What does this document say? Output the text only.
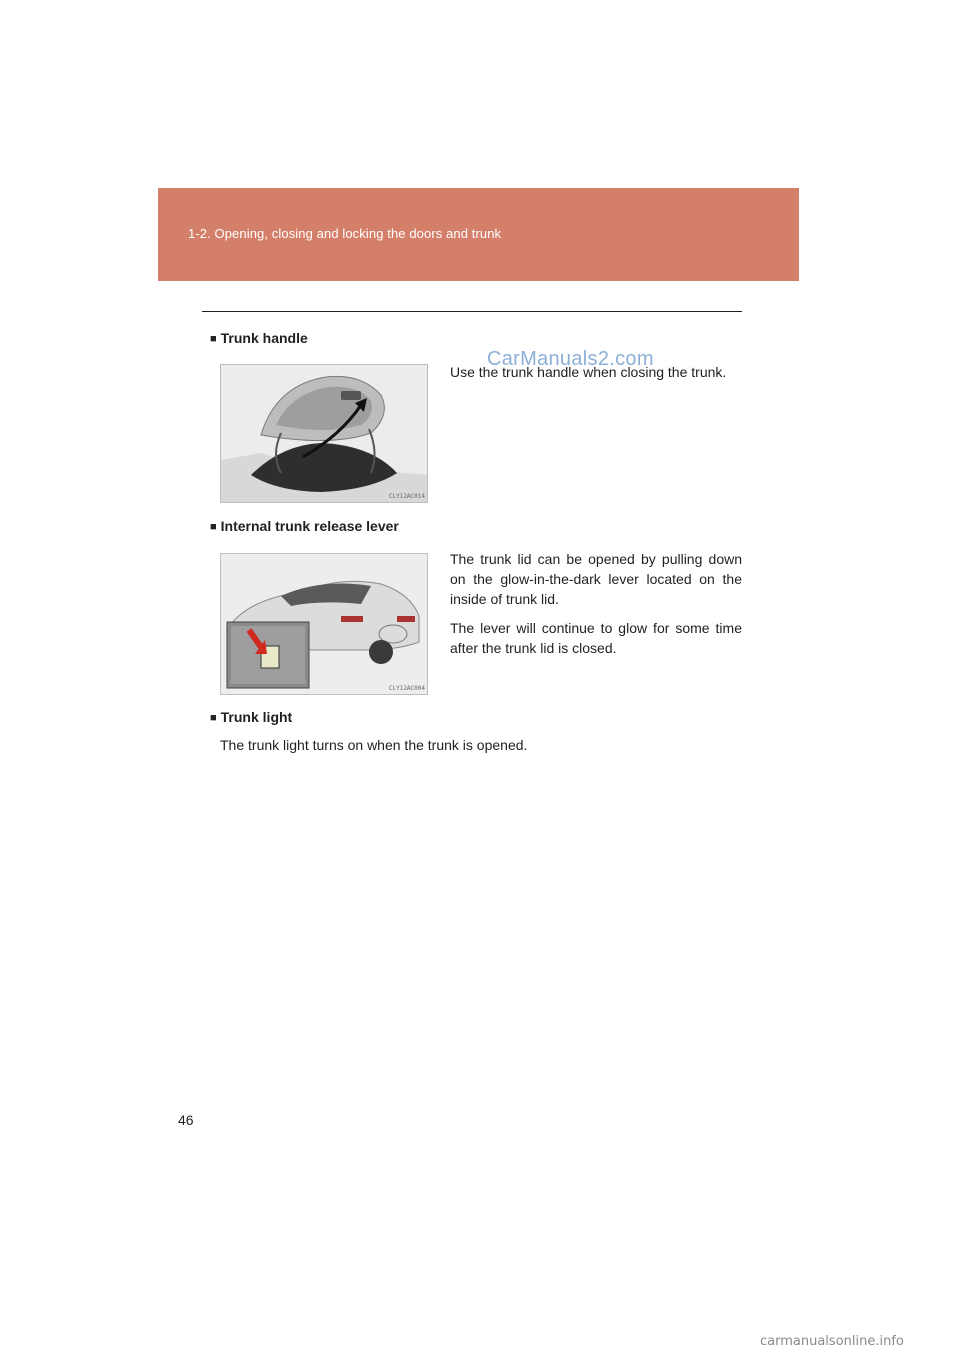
1-2. Opening, closing and locking the doors and trunk
■ Trunk handle
CLY12AC014

Use the trunk handle when closing the trunk.

■ Internal trunk release lever
CLY12AC004

The trunk lid can be opened by pulling down on the glow-in-the-dark lever located on the inside of trunk lid.

The lever will continue to glow for some time after the trunk lid is closed.

■ Trunk light
The trunk light turns on when the trunk is opened.
CarManuals2.com
46
carmanualsonline.info
